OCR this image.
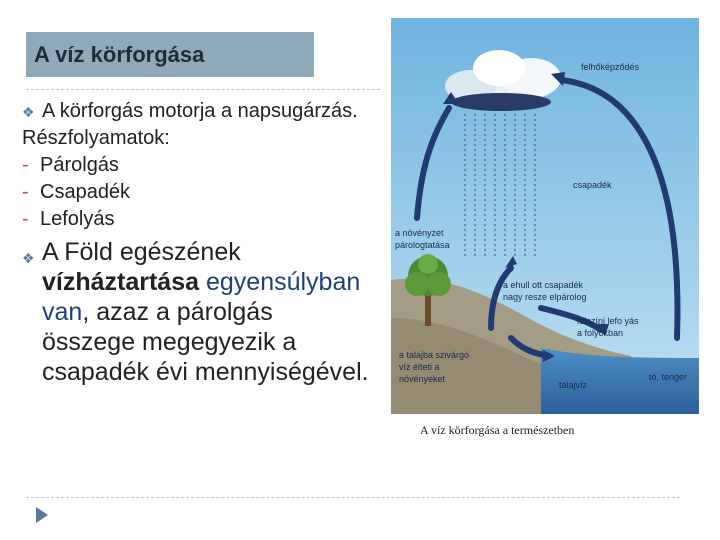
A víz körforgása
❖ A körforgás motorja a napsugárzás.
Részfolyamatok:
- Párolgás
- Csapadék
- Lefolyás
❖ A Föld egészének vízháztartása egyensúlyban van, azaz a párolgás összege megegyezik a csapadék évi mennyiségével.
felhőképződés
csapadék
a növényzet
párologtatása
a ehull ott csapadék
nagy resze elpárolog
felszíni lefo yás
a folyókban
a talajba szivárgó
víz élteti a
növényeket
talajvíz
tó, tenger
A víz körforgása a természetben
